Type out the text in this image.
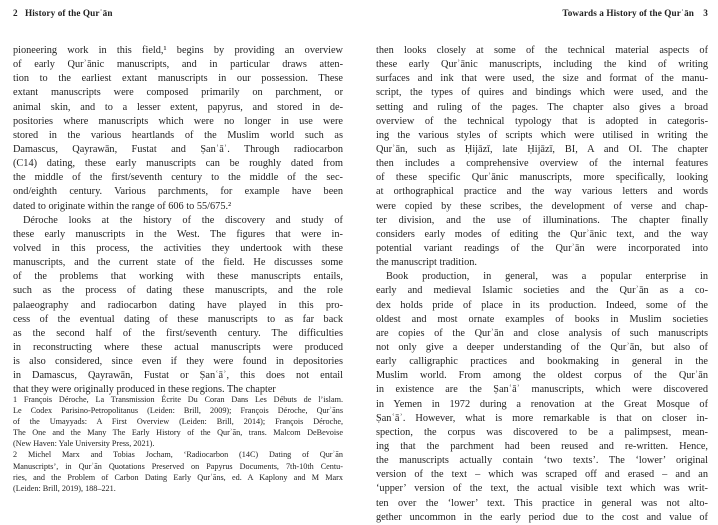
2 History of the Qurʾān
pioneering work in this field,¹ begins by providing an overview
of early Qurʾānic manuscripts, and in particular draws atten-
tion to the earliest extant manuscripts in our possession. These
extant manuscripts were composed primarily on parchment, or
animal skin, and to a lesser extent, papyrus, and stored in de-
positories where manuscripts which were no longer in use were
stored in the various heartlands of the Muslim world such as
Damascus, Qayrawān, Fustat and Ṣanʿāʾ. Through radiocarbon
(C14) dating, these early manuscripts can be roughly dated from
the middle of the first/seventh century to the middle of the sec-
ond/eighth century. Various parchments, for example have been
dated to originate within the range of 606 to 55/675.²
Déroche looks at the history of the discovery and study of
these early manuscripts in the West. The figures that were in-
volved in this process, the activities they undertook with these
manuscripts, and the current state of the field. He discusses some
of the problems that working with these manuscripts entails,
such as the process of dating these manuscripts, and the role
palaeography and radiocarbon dating have played in this pro-
cess of the eventual dating of these manuscripts to as far back
as the second half of the first/seventh century. The difficulties
in reconstructing where these actual manuscripts were produced
is also considered, since even if they were found in depositories
in Damascus, Qayrawān, Fustat or Ṣanʿāʾ, this does not entail
that they were originally produced in these regions. The chapter
1 François Déroche, La Transmission Écrite Du Coran Dans Les Débuts de l’islam.
Le Codex Parisino-Petropolitanus (Leiden: Brill, 2009); François Déroche, Qurʾāns
of the Umayyads: A First Overview (Leiden: Brill, 2014); François Déroche,
The One and the Many The Early History of the Qurʾān, trans. Malcom DeBevoise
(New Haven: Yale University Press, 2021).
2 Michel Marx and Tobias Jocham, ‘Radiocarbon (14C) Dating of Qurʾān
Manuscripts’, in Qurʾān Quotations Preserved on Papyrus Documents, 7th-10th Centu-
ries, and the Problem of Carbon Dating Early Qurʾāns, ed. A Kaplony and M Marx
(Leiden: Brill, 2019), 188–221.
Towards a History of the Qurʾān 3
then looks closely at some of the technical material aspects of
these early Qurʾānic manuscripts, including the kind of writing
surfaces and ink that were used, the size and format of the manu-
script, the types of quires and bindings which were used, and the
setting and ruling of the pages. The chapter also gives a broad
overview of the technical typology that is adopted in categoris-
ing the various styles of scripts which were utilised in writing the
Qurʾān, such as Ḥijāzī, late Ḥijāzī, BI, A and OI. The chapter
then includes a comprehensive overview of the internal features
of these specific Qurʾānic manuscripts, more specifically, looking
at orthographical practice and the way various letters and words
were copied by these scribes, the development of verse and chap-
ter division, and the use of illuminations. The chapter finally
considers early modes of editing the Qurʾānic text, and the way
potential variant readings of the Qurʾān were incorporated into
the manuscript tradition.
Book production, in general, was a popular enterprise in
early and medieval Islamic societies and the Qurʾān as a co-
dex holds pride of place in its production. Indeed, some of the
oldest and most ornate examples of books in Muslim societies
are copies of the Qurʾān and close analysis of such manuscripts
not only give a deeper understanding of the Qurʾān, but also of
early calligraphic practices and bookmaking in general in the
Muslim world. From among the oldest corpus of the Qurʾān
in existence are the Ṣanʿāʾ manuscripts, which were discovered
in Yemen in 1972 during a renovation at the Great Mosque of
Ṣanʿāʾ. However, what is more remarkable is that on closer in-
spection, the corpus was discovered to be a palimpsest, mean-
ing that the parchment had been reused and re-written. Hence,
the manuscripts actually contain ‘two texts’. The ‘lower’ original
version of the text – which was scraped off and erased – and an
‘upper’ version of the text, the actual visible text which was writ-
ten over the ‘lower’ text. This practice in general was not alto-
gether uncommon in the early period due to the cost and value of
